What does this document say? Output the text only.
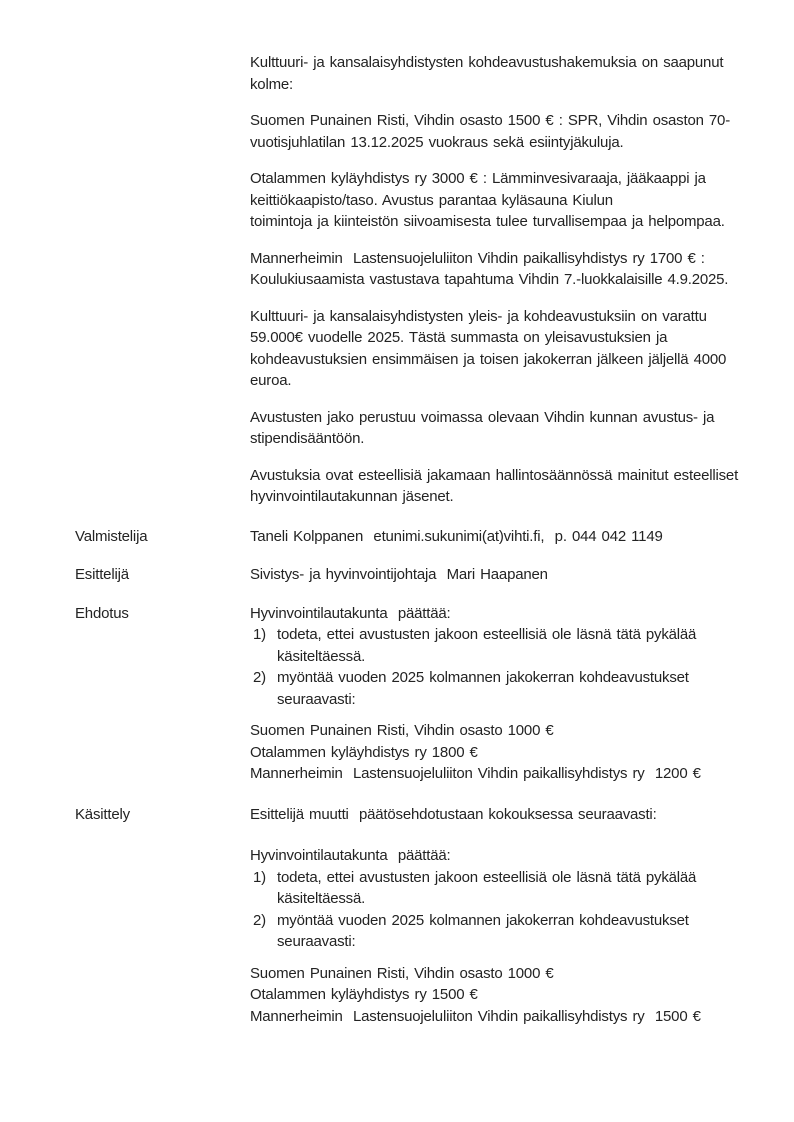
Kulttuuri- ja kansalaisyhdistysten kohdeavustushakemuksia on saapunut
kolme:

Suomen Punainen Risti, Vihdin osasto 1500 € : SPR, Vihdin osaston 70-
vuotisjuhlatilan 13.12.2025 vuokraus sekä esiintyjäkuluja.

Otalammen kyläyhdistys ry 3000 € : Lämminvesivaraaja, jääkaappi ja
keittiökaapisto/taso. Avustus parantaa kyläsauna Kiulun
toimintoja ja kiinteistön siivoamisesta tulee turvallisempaa ja helpompaa.

Mannerheimin  Lastensuojeluliiton Vihdin paikallisyhdistys ry 1700 € :
Koulukiusaamista vastustava tapahtuma Vihdin 7.-luokkalaisille 4.9.2025.

Kulttuuri- ja kansalaisyhdistysten yleis- ja kohdeavustuksiin on varattu
59.000€ vuodelle 2025. Tästä summasta on yleisavustuksien ja
kohdeavustuksien ensimmäisen ja toisen jakokerran jälkeen jäljellä 4000
euroa.

Avustusten jako perustuu voimassa olevaan Vihdin kunnan avustus- ja
stipendisääntöön.

Avustuksia ovat esteellisiä jakamaan hallintosäännössä mainitut esteelliset
hyvinvointilautakunnan jäsenet.

Valmistelija	Taneli Kolppanen  etunimi.sukunimi(at)vihti.fi,  p. 044 042 1149
Esittelijä	Sivistys- ja hyvinvointijohtaja  Mari Haapanen
Ehdotus	Hyvinvointilautakunta  päättää:
1) todeta, ettei avustusten jakoon esteellisiä ole läsnä tätä pykälää
käsiteltäessä.
2) myöntää vuoden 2025 kolmannen jakokerran kohdeavustukset
seuraavasti:
Suomen Punainen Risti, Vihdin osasto 1000 €
Otalammen kyläyhdistys ry 1800 €
Mannerheimin  Lastensuojeluliiton Vihdin paikallisyhdistys ry  1200 €
Käsittely	Esittelijä muutti  päätösehdotustaan kokouksessa seuraavasti:
Hyvinvointilautakunta  päättää:
1) todeta, ettei avustusten jakoon esteellisiä ole läsnä tätä pykälää
käsiteltäessä.
2) myöntää vuoden 2025 kolmannen jakokerran kohdeavustukset
seuraavasti:
Suomen Punainen Risti, Vihdin osasto 1000 €
Otalammen kyläyhdistys ry 1500 €
Mannerheimin  Lastensuojeluliiton Vihdin paikallisyhdistys ry  1500 €
